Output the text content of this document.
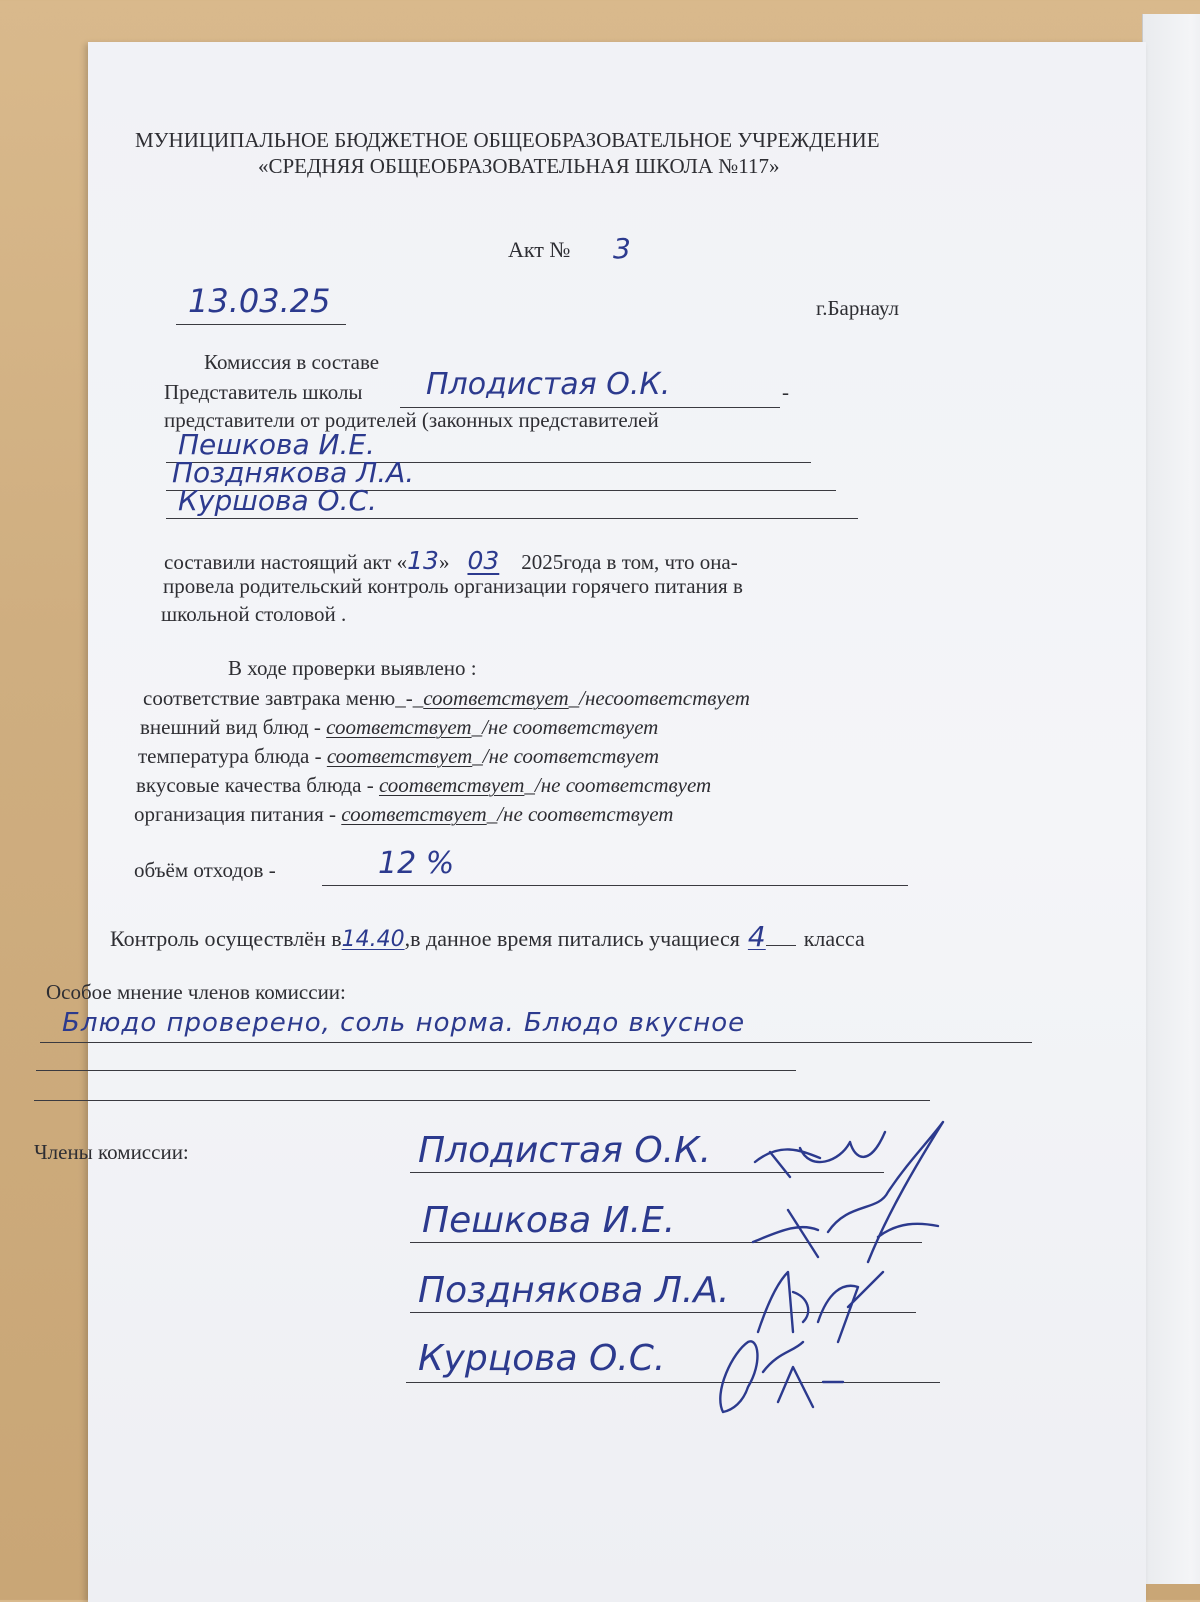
МУНИЦИПАЛЬНОЕ БЮДЖЕТНОЕ ОБЩЕОБРАЗОВАТЕЛЬНОЕ УЧРЕЖДЕНИЕ
«СРЕДНЯЯ ОБЩЕОБРАЗОВАТЕЛЬНАЯ ШКОЛА №117»
Акт № 3
13.03.25	г.Барнаул
Комиссия в составе
Представитель школы Плодистая О.К.	-
представители от родителей (законных представителей
Пешкова И.Е.
Позднякова Л.А.
Куршова О.С.
составили настоящий акт «13» 03 2025года в том, что она-
провела родительский контроль организации горячего питания в
школьной столовой .
В ходе проверки выявлено :
соответствие завтрака меню_-_соответствует_/несоответствует
внешний вид блюд - соответствует_/не соответствует
температура блюда - соответствует_/не соответствует
вкусовые качества блюда - соответствует_/не соответствует
организация питания - соответствует_/не соответствует
объём отходов -	12 %
Контроль осуществлён в14.40,в данное время питались учащиеся 4 класса
Особое мнение членов комиссии:
Блюдо проверено, соль норма. Блюдо вкусное
Члены комиссии:	Плодистая О.К.
Пешкова И.Е.
Позднякова Л.А.
Курцова О.С.
